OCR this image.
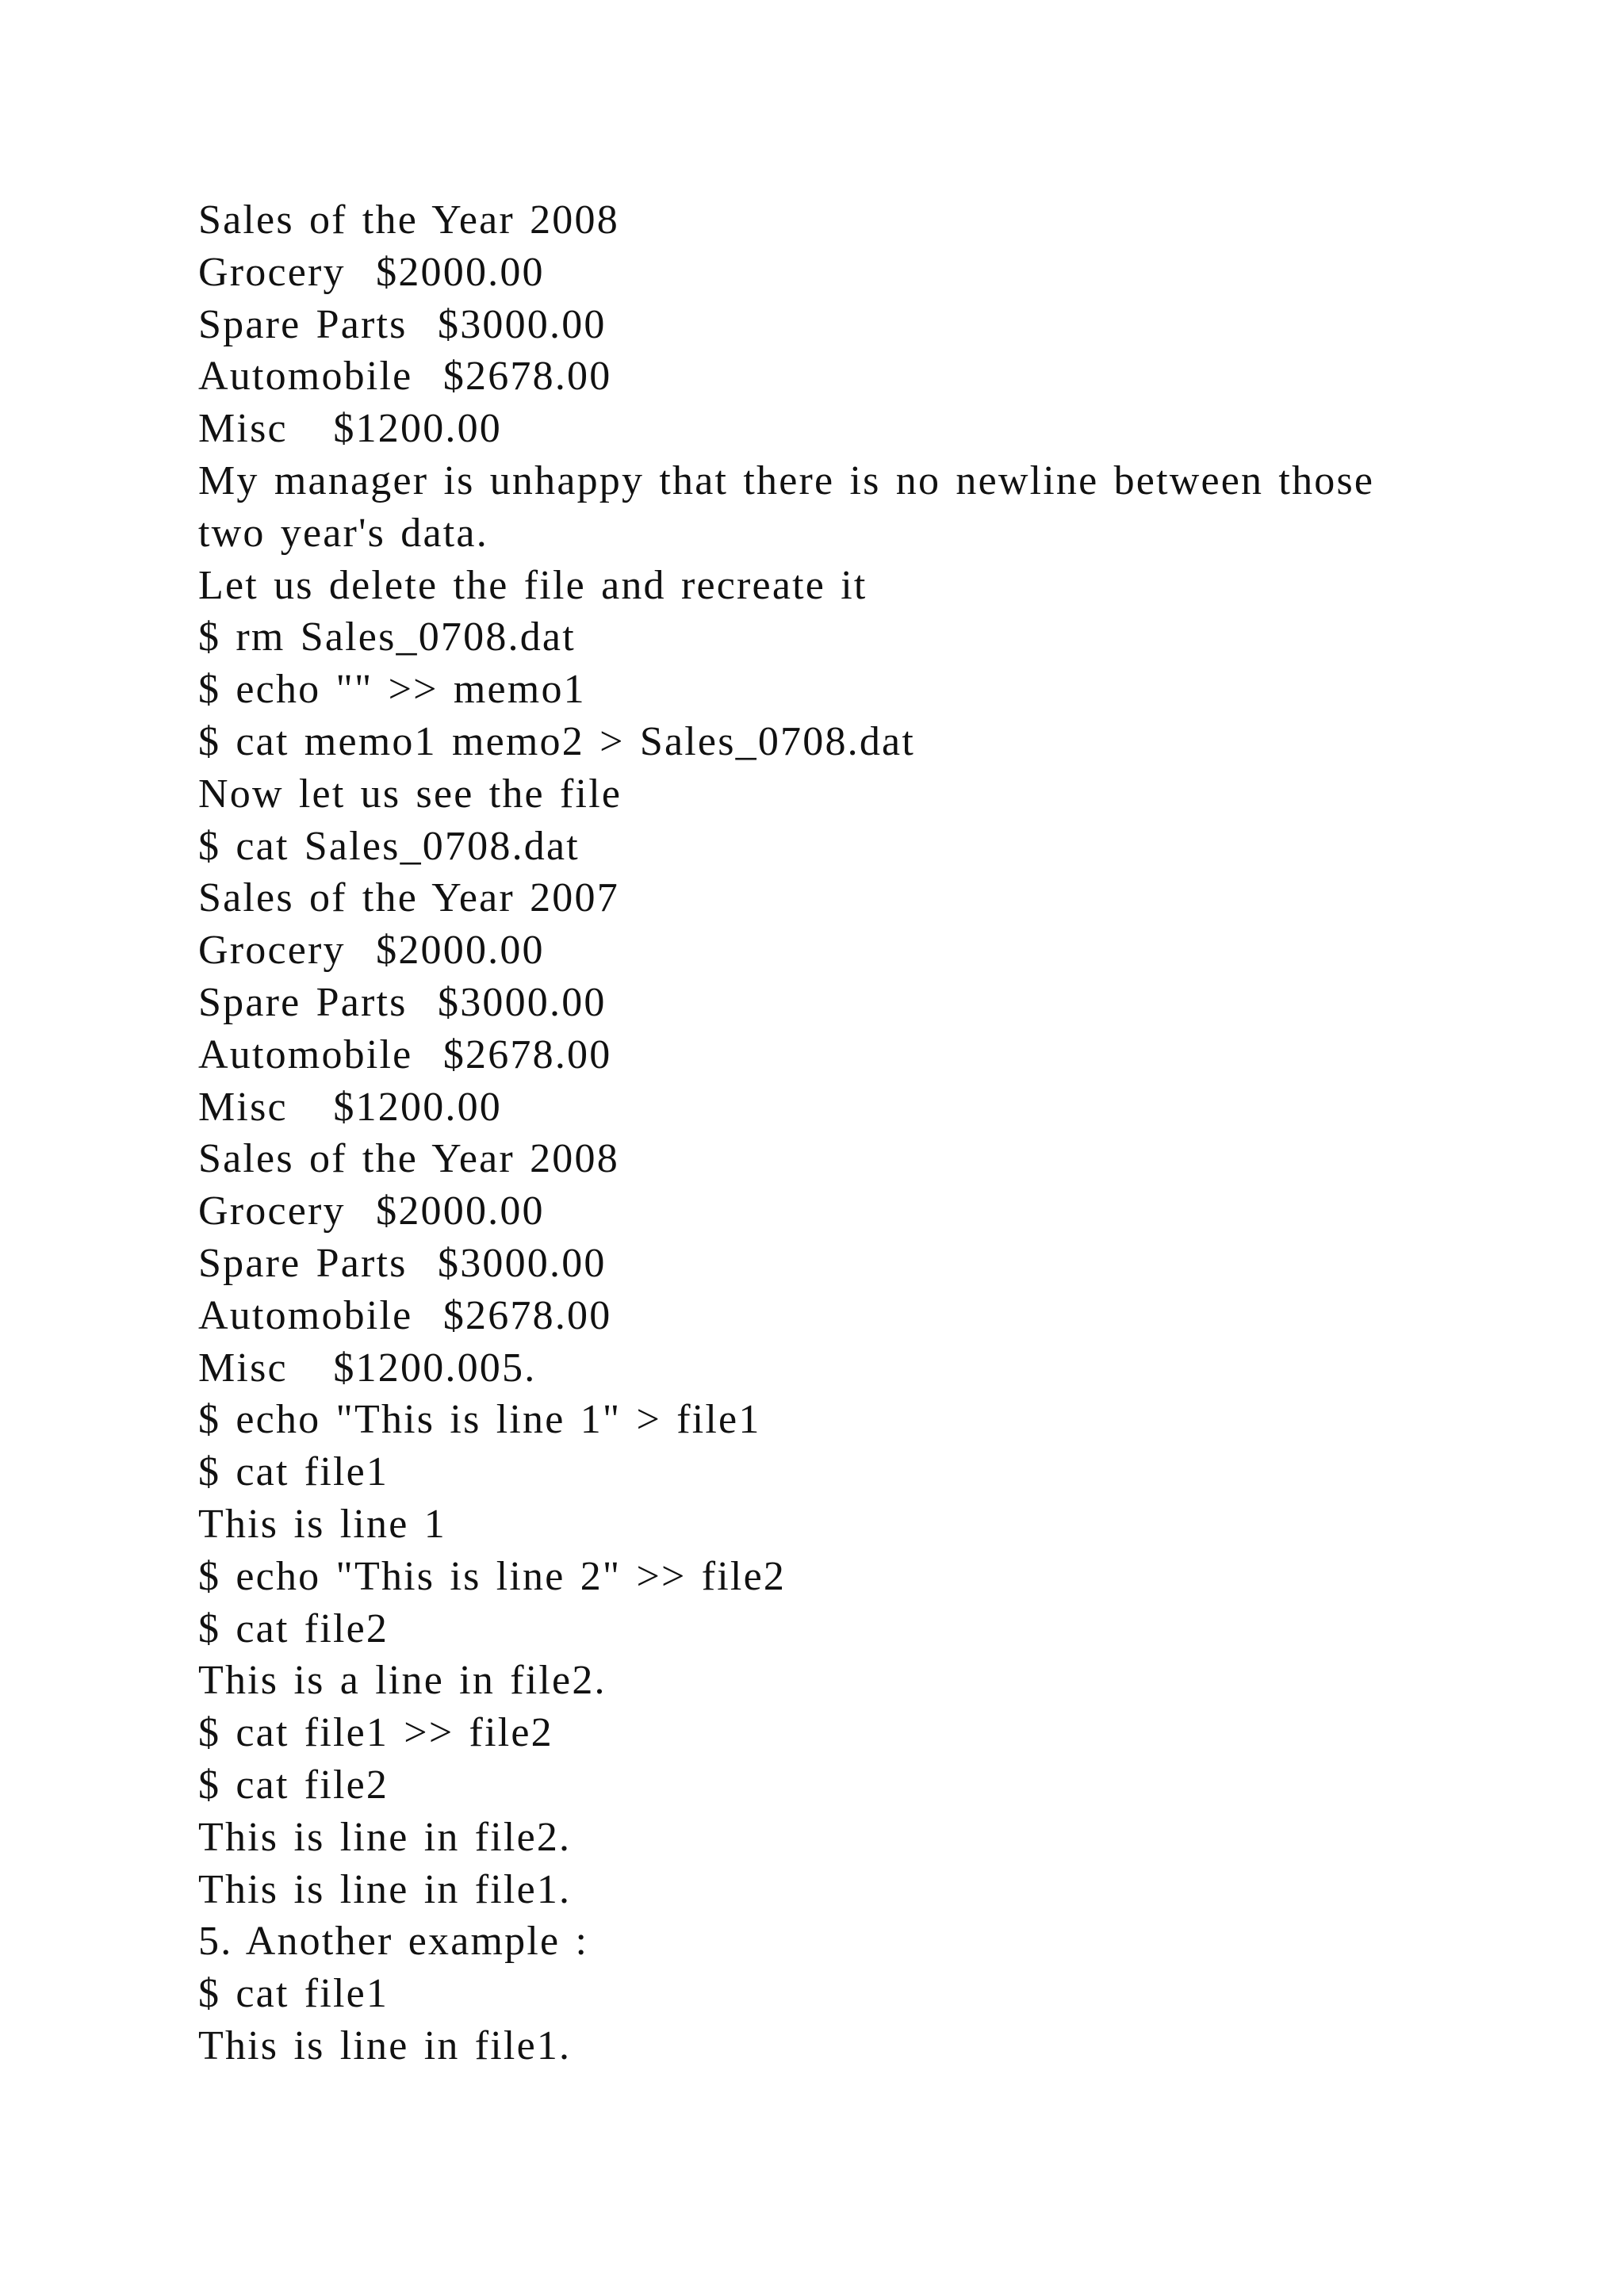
Sales of the Year 2008
Grocery  $2000.00
Spare Parts  $3000.00
Automobile  $2678.00
Misc   $1200.00
My manager is unhappy that there is no newline between those
two year's data.
Let us delete the file and recreate it
$ rm Sales_0708.dat
$ echo "" >> memo1
$ cat memo1 memo2 > Sales_0708.dat
Now let us see the file
$ cat Sales_0708.dat
Sales of the Year 2007
Grocery  $2000.00
Spare Parts  $3000.00
Automobile  $2678.00
Misc   $1200.00
Sales of the Year 2008
Grocery  $2000.00
Spare Parts  $3000.00
Automobile  $2678.00
Misc   $1200.005.
$ echo "This is line 1" > file1
$ cat file1
This is line 1
$ echo "This is line 2" >> file2
$ cat file2
This is a line in file2.
$ cat file1 >> file2
$ cat file2
This is line in file2.
This is line in file1.
5. Another example :
$ cat file1
This is line in file1.
